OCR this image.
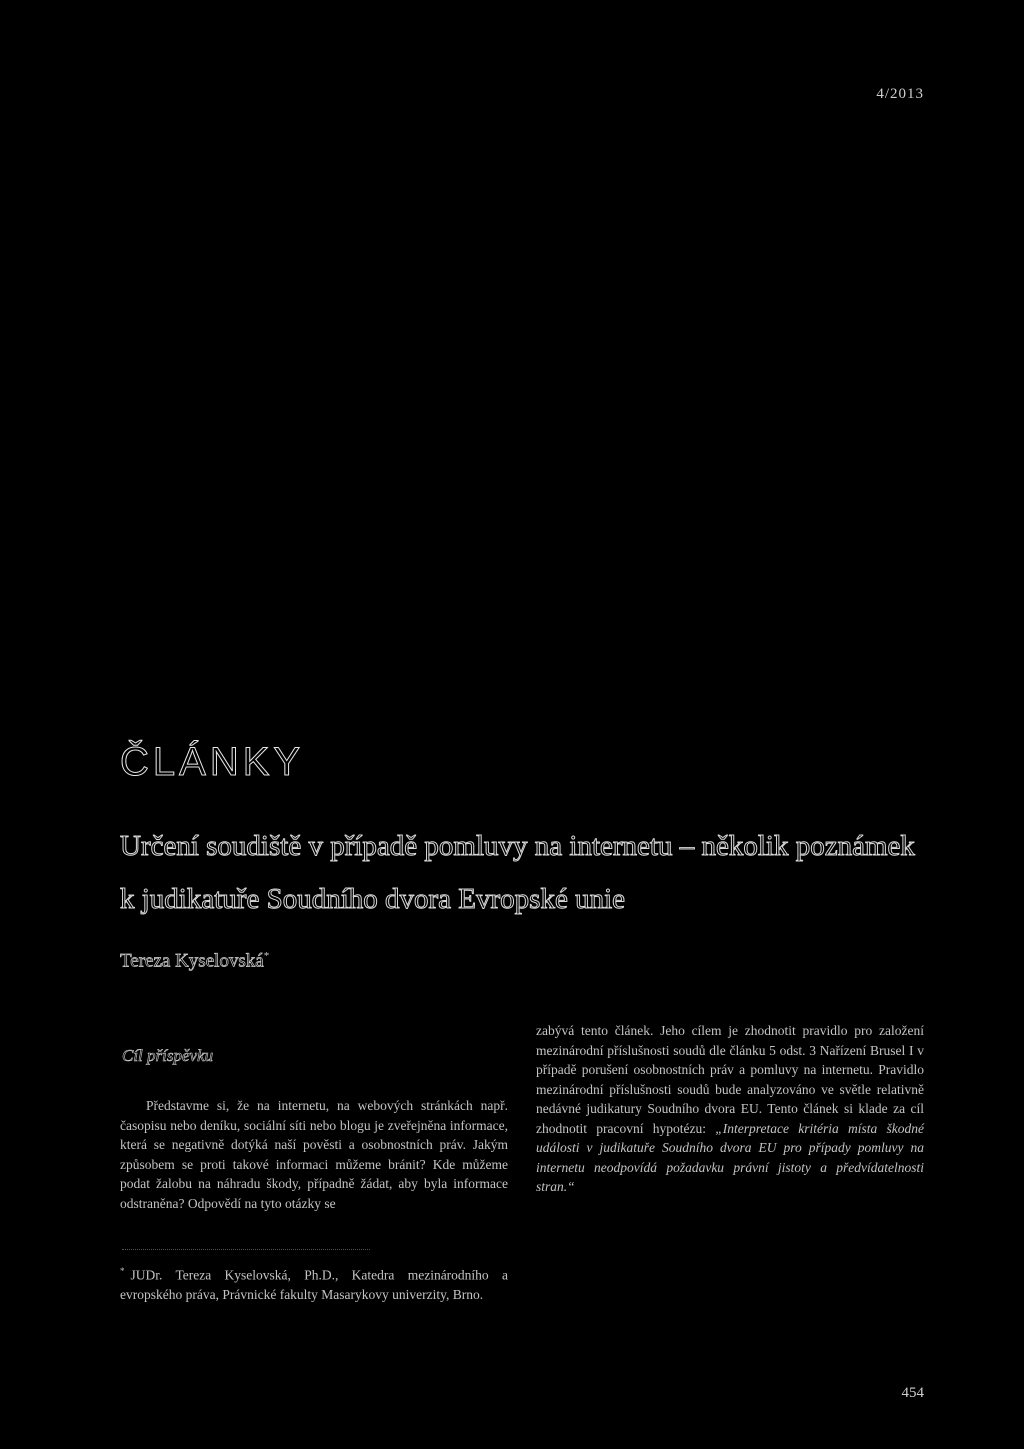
4/2013
ČLÁNKY
Určení soudiště v případě pomluvy na internetu – několik poznámek
k judikatuře Soudního dvora Evropské unie
Tereza Kyselovská*
Cíl příspěvku
Představme si, že na internetu, na webových stránkách např. časopisu nebo deníku, sociální síti nebo blogu je zveřejněna informace, která se negativně dotýká naší pověsti a osobnostních práv. Jakým způsobem se proti takové informaci můžeme bránit? Kde můžeme podat žalobu na náhradu škody, případně žádat, aby byla informace odstraněna? Odpovědí na tyto otázky se
zabývá tento článek. Jeho cílem je zhodnotit pravidlo pro založení mezinárodní příslušnosti soudů dle článku 5 odst. 3 Nařízení Brusel I v případě porušení osobnostních práv a pomluvy na internetu. Pravidlo mezinárodní příslušnosti soudů bude analyzováno ve světle relativně nedávné judikatury Soudního dvora EU. Tento článek si klade za cíl zhodnotit pracovní hypotézu: „Interpretace kritéria místa škodné události v judikatuře Soudního dvora EU pro případy pomluvy na internetu neodpovídá požadavku právní jistoty a předvídatelnosti stran.“
* JUDr. Tereza Kyselovská, Ph.D., Katedra mezinárodního a evropského práva, Právnické fakulty Masarykovy univerzity, Brno.
454
